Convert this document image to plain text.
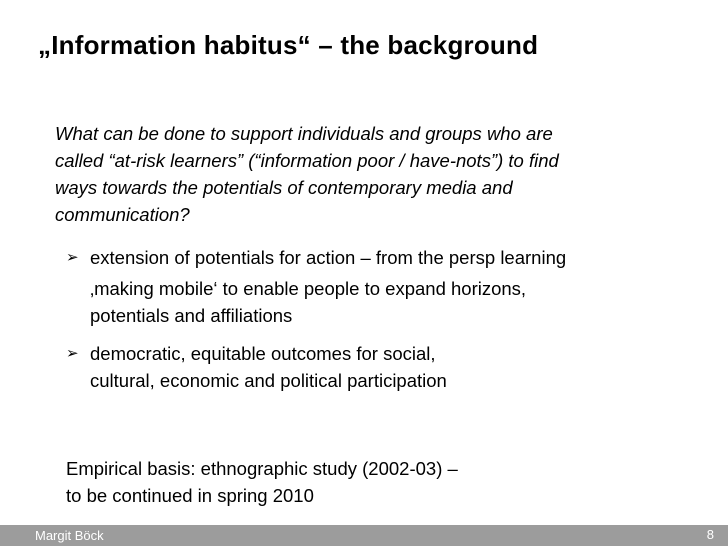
„Information habitus“ – the background
What can be done to support individuals and groups who are
called “at-risk learners” (“information poor / have-nots”) to find
ways towards the potentials of contemporary media and
communication?
➢ extension of potentials for action – from the persp learning
‚making mobile‘ to enable people to expand horizons,
potentials and affiliations
➢ democratic, equitable outcomes for social,
cultural, economic and political participation
Empirical basis: ethnographic study (2002-03) –
to be continued in spring 2010
Margit Böck	8
